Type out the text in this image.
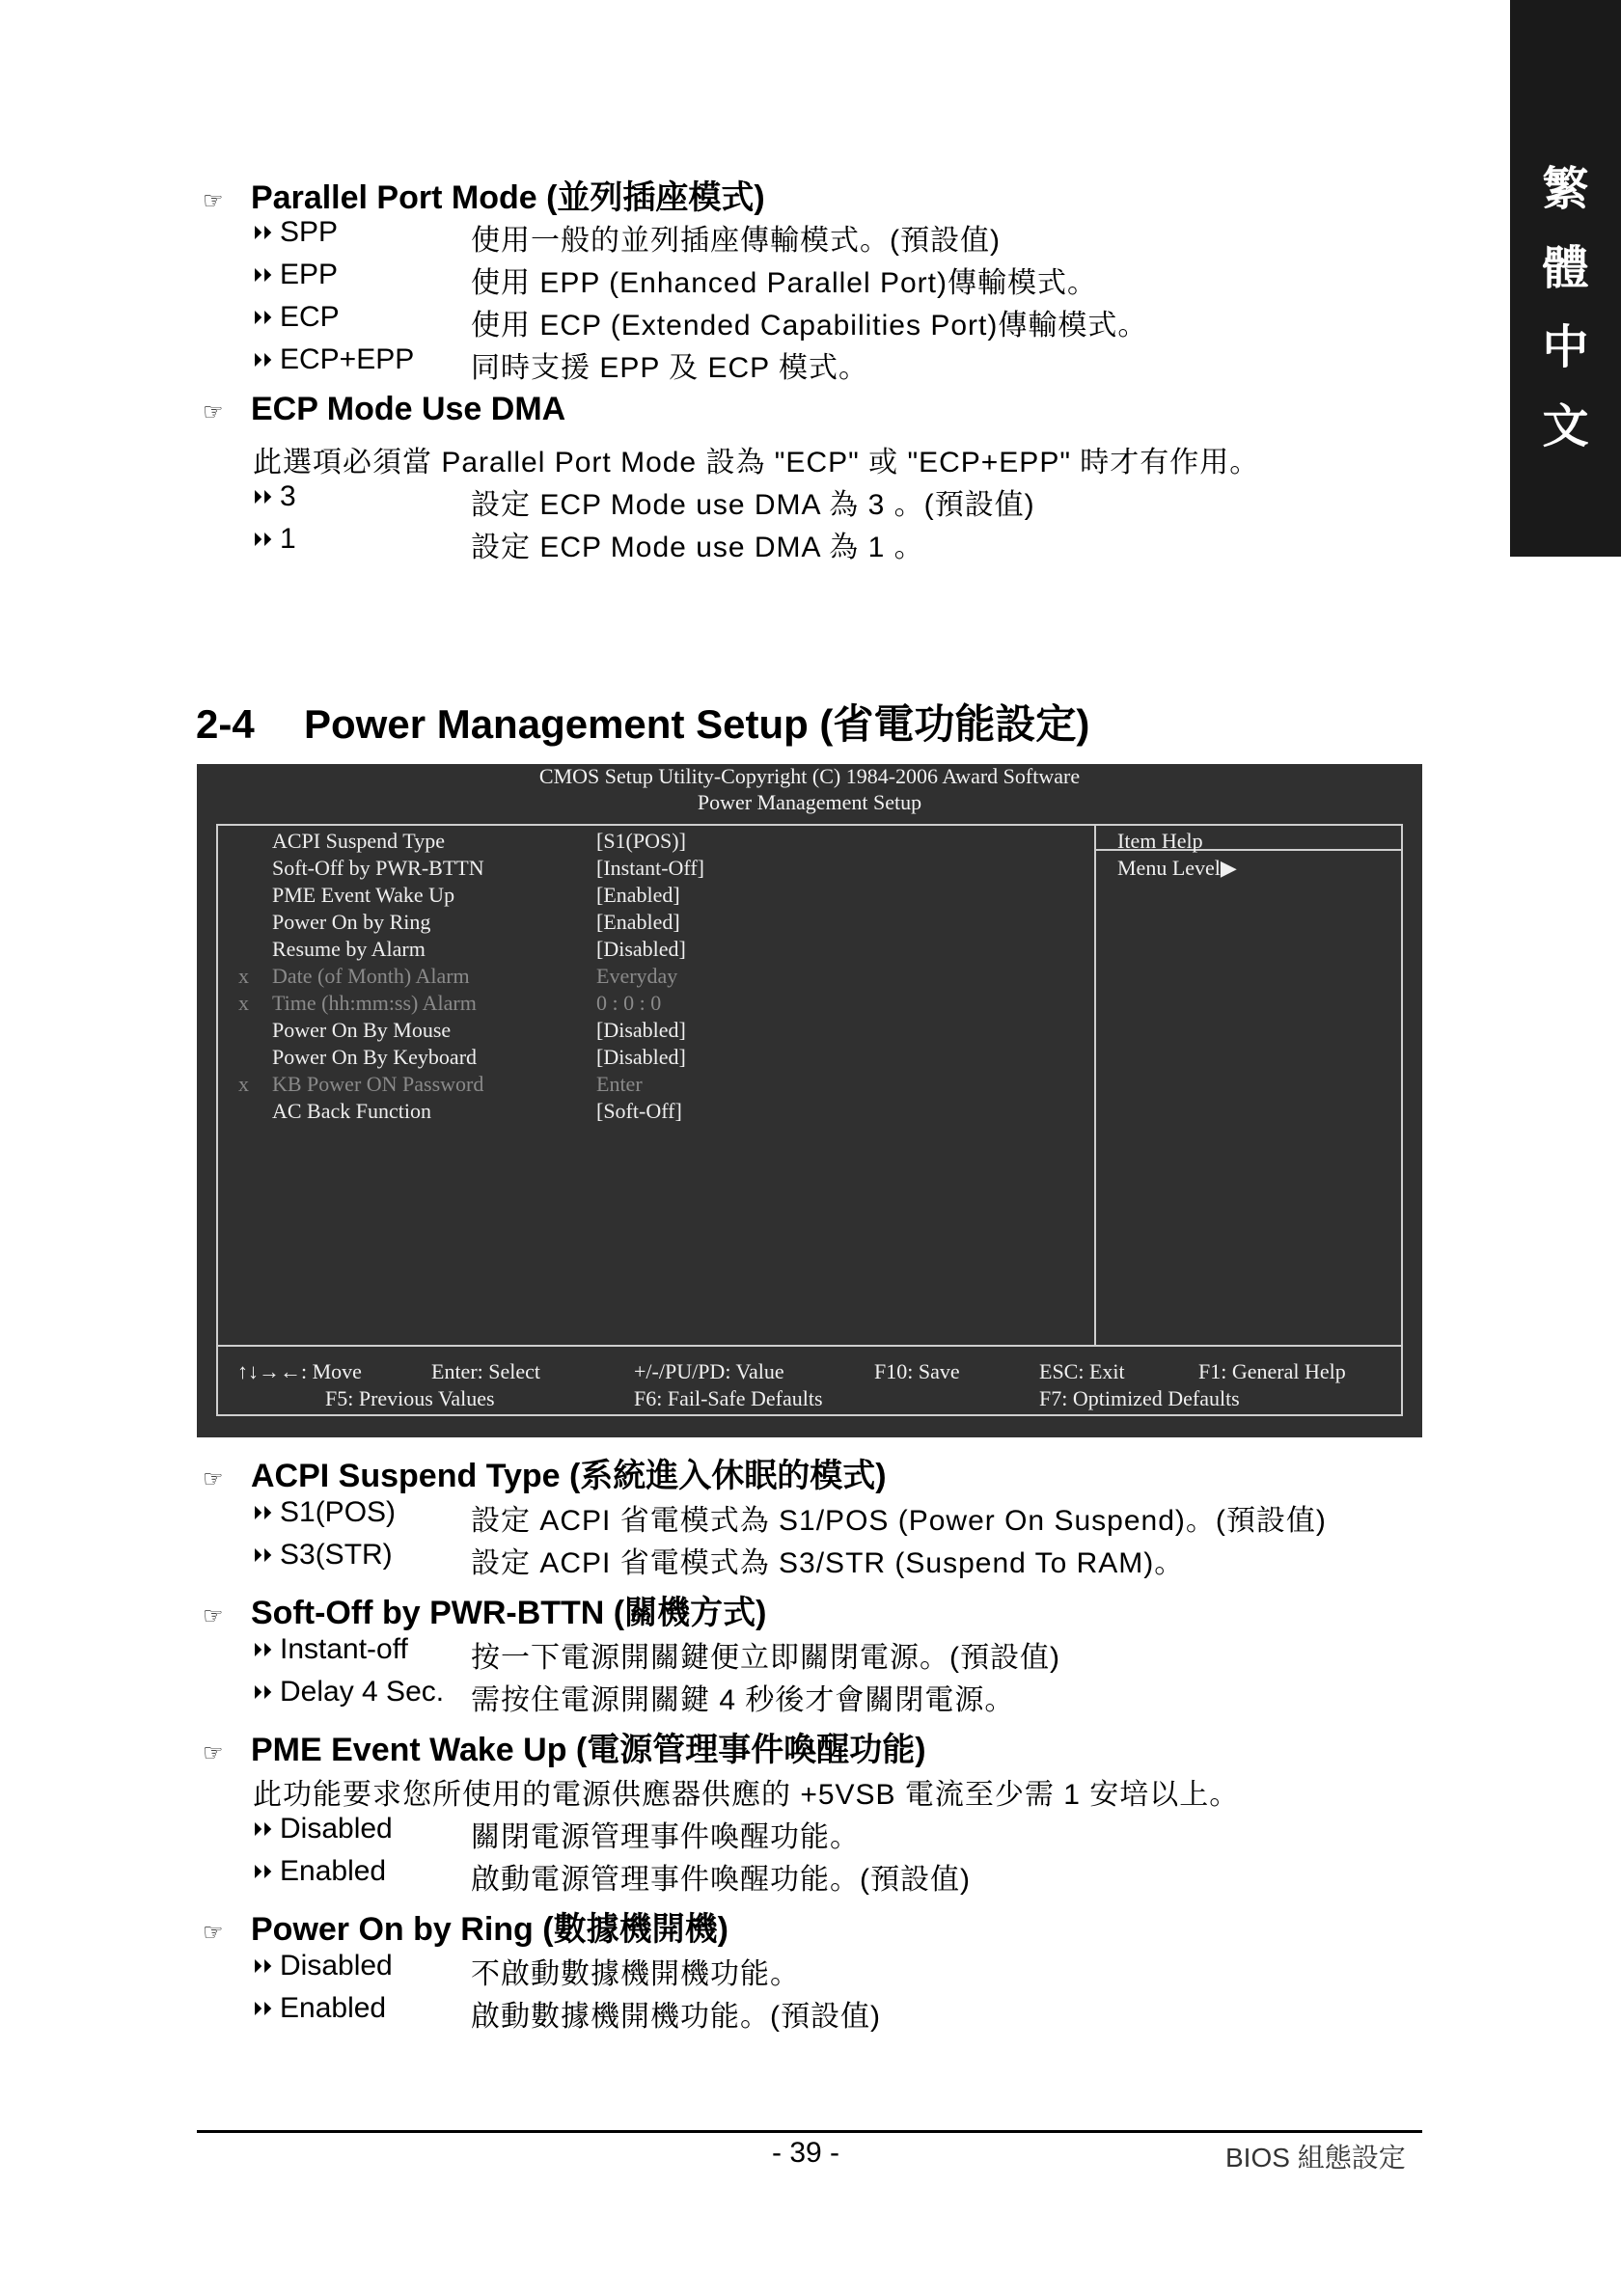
繁
體
中
文
☞ Parallel Port Mode (並列插座模式)
⏵⏵ SPP	使用一般的並列插座傳輸模式。(預設值)
⏵⏵ EPP	使用 EPP (Enhanced Parallel Port)傳輸模式。
⏵⏵ ECP	使用 ECP (Extended Capabilities Port)傳輸模式。
⏵⏵ ECP+EPP 同時支援 EPP 及 ECP 模式。
☞ ECP Mode Use DMA
此選項必須當 Parallel Port Mode 設為 "ECP" 或 "ECP+EPP" 時才有作用。
⏵⏵ 3	設定 ECP Mode use DMA 為 3 。(預設值)
⏵⏵ 1	設定 ECP Mode use DMA 為 1 。
2-4 Power Management Setup (省電功能設定)
CMOS Setup Utility-Copyright (C) 1984-2006 Award Software
Power Management Setup
ACPI Suspend Type	[S1(POS)]
Soft-Off by PWR-BTTN	[Instant-Off]
PME Event Wake Up	[Enabled]
Power On by Ring	[Enabled]
Resume by Alarm	[Disabled]
x	Date (of Month) Alarm	Everyday
x	Time (hh:mm:ss) Alarm	0 : 0 : 0
Power On By Mouse	[Disabled]
Power On By Keyboard	[Disabled]
x	KB Power ON Password	Enter
AC Back Function	[Soft-Off]
Item Help
Menu Level▶
↑↓→←: Move	Enter: Select	+/-/PU/PD: Value	F10: Save	ESC: Exit	F1: General Help
F5: Previous Values	F6: Fail-Safe Defaults	F7: Optimized Defaults
☞ ACPI Suspend Type (系統進入休眠的模式)
⏵⏵ S1(POS)	設定 ACPI 省電模式為 S1/POS (Power On Suspend)。(預設值)
⏵⏵ S3(STR)	設定 ACPI 省電模式為 S3/STR (Suspend To RAM)。
☞ Soft-Off by PWR-BTTN (關機方式)
⏵⏵ Instant-off 按一下電源開關鍵便立即關閉電源。(預設值)
⏵⏵ Delay 4 Sec. 需按住電源開關鍵 4 秒後才會關閉電源。
☞ PME Event Wake Up (電源管理事件喚醒功能)
此功能要求您所使用的電源供應器供應的 +5VSB 電流至少需 1 安培以上。
⏵⏵ Disabled	關閉電源管理事件喚醒功能。
⏵⏵ Enabled	啟動電源管理事件喚醒功能。(預設值)
☞ Power On by Ring (數據機開機)
⏵⏵ Disabled	不啟動數據機開機功能。
⏵⏵ Enabled	啟動數據機開機功能。(預設值)
- 39 -	BIOS 組態設定
